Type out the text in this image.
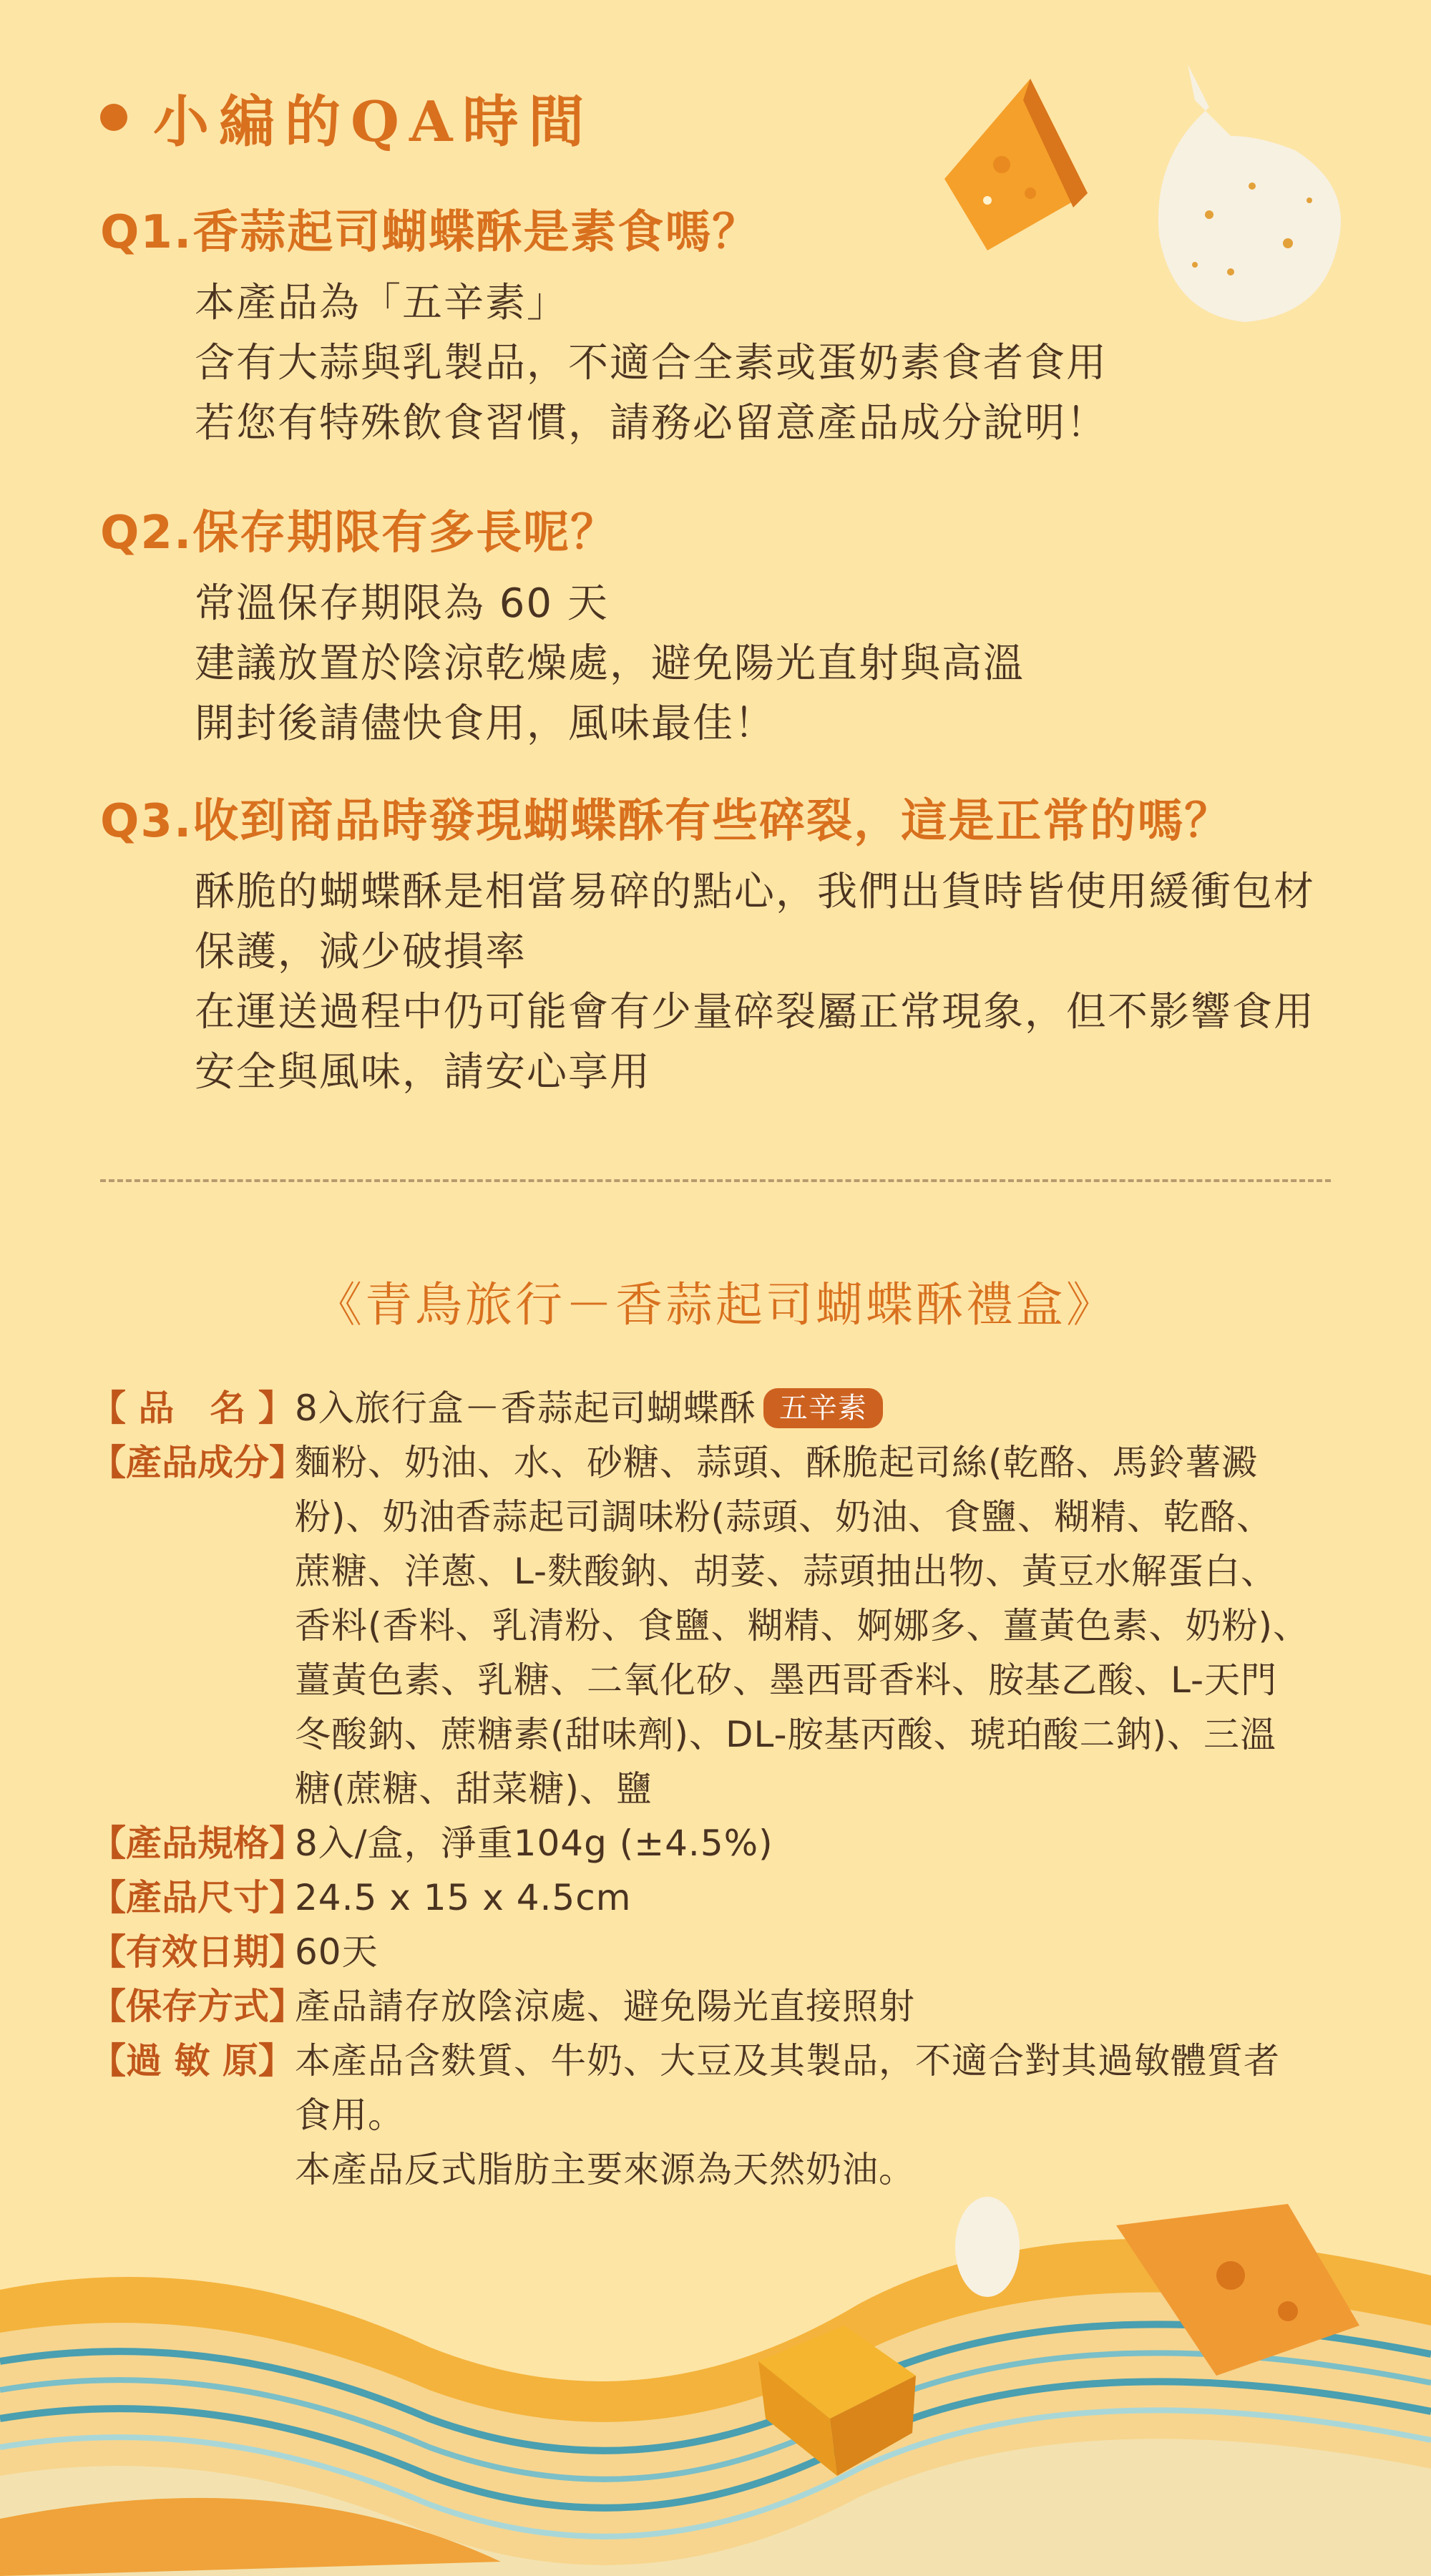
小編的QA時間
Q1.香蒜起司蝴蝶酥是素食嗎？
本產品為「五辛素」
含有大蒜與乳製品，不適合全素或蛋奶素食者食用
若您有特殊飲食習慣，請務必留意產品成分說明！
Q2.保存期限有多長呢？
常溫保存期限為 60 天
建議放置於陰涼乾燥處，避免陽光直射與高溫
開封後請儘快食用，風味最佳！
Q3.收到商品時發現蝴蝶酥有些碎裂，這是正常的嗎？
酥脆的蝴蝶酥是相當易碎的點心，我們出貨時皆使用緩衝包材
保護，減少破損率
在運送過程中仍可能會有少量碎裂屬正常現象，但不影響食用
安全與風味，請安心享用
《青鳥旅行－香蒜起司蝴蝶酥禮盒》
【 品　名 】 8入旅行盒－香蒜起司蝴蝶酥 五辛素
【產品成分】
麵粉、奶油、水、砂糖、蒜頭、酥脆起司絲(乾酪、馬鈴薯澱
粉)、奶油香蒜起司調味粉(蒜頭、奶油、食鹽、糊精、乾酪、
蔗糖、洋蔥、L-麩酸鈉、胡荽、蒜頭抽出物、黃豆水解蛋白、
香料(香料、乳清粉、食鹽、糊精、婀娜多、薑黃色素、奶粉)、
薑黃色素、乳糖、二氧化矽、墨西哥香料、胺基乙酸、L-天門
冬酸鈉、蔗糖素(甜味劑)、DL-胺基丙酸、琥珀酸二鈉)、三溫
糖(蔗糖、甜菜糖)、鹽
【產品規格】
8入/盒，淨重104g (±4.5%)
【產品尺寸】
24.5 x 15 x 4.5cm
【有效日期】
60天
【保存方式】
產品請存放陰涼處、避免陽光直接照射
【過 敏 原】 本產品含麩質、牛奶、大豆及其製品，不適合對其過敏體質者
食用。
本產品反式脂肪主要來源為天然奶油。
